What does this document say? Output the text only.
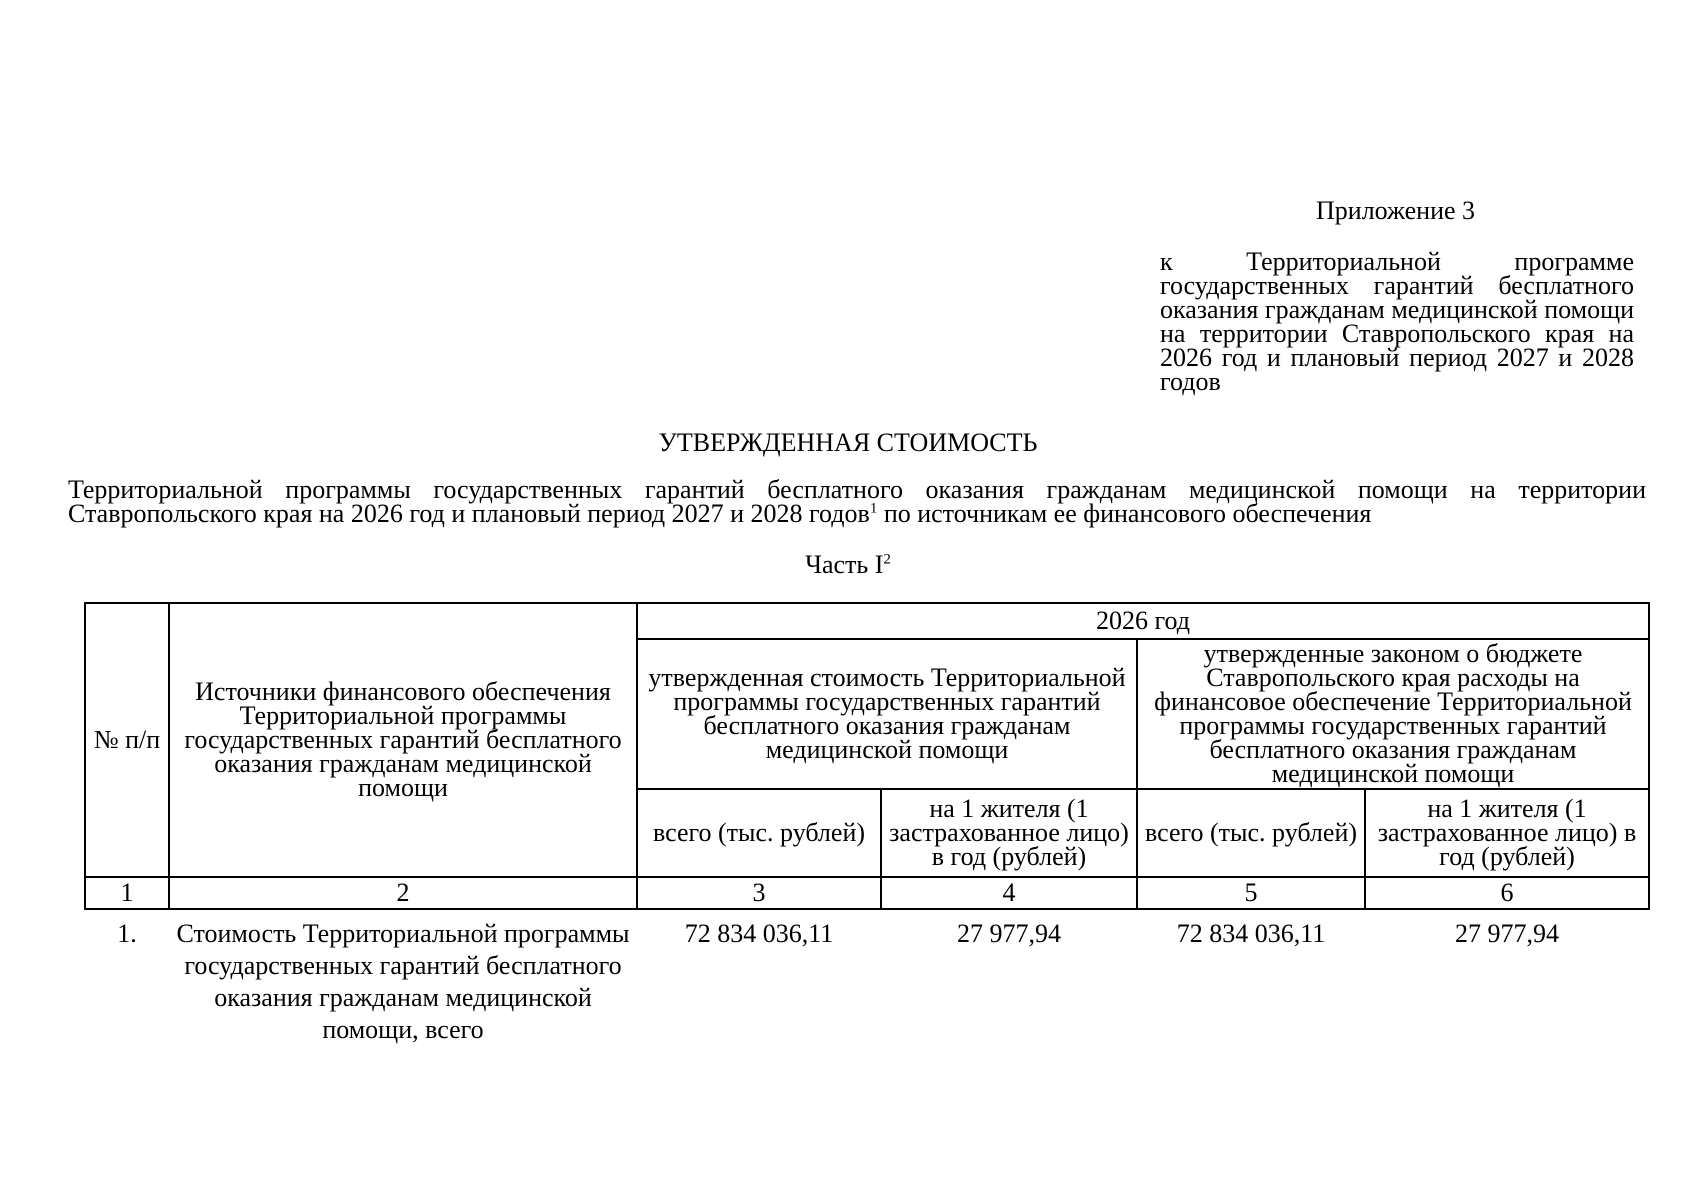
Приложение 3
к Территориальной программе государственных гарантий бесплатного оказания гражданам медицинской помощи на территории Ставропольского края на 2026 год и плановый период 2027 и 2028 годов
УТВЕРЖДЕННАЯ СТОИМОСТЬ
Территориальной программы государственных гарантий бесплатного оказания гражданам медицинской помощи на территории Ставропольского края на 2026 год и плановый период 2027 и 2028 годов$^1$ по источникам ее финансового обеспечения
Часть $I^2$
№ п/п	Источники финансового обеспечения Территориальной программы государственных гарантий бесплатного оказания гражданам медицинской помощи	2026 год			
		утвержденная стоимость Территориальной программы государственных гарантий бесплатного оказания гражданам медицинской помощи		утвержденные законом о бюджете Ставропольского края расходы на финансовое обеспечение Территориальной программы государственных гарантий бесплатного оказания гражданам медицинской помощи	
		всего (тыс. рублей)	на 1 жителя (1 застрахованное лицо) в год (рублей)	всего (тыс. рублей)	на 1 жителя (1 застрахованное лицо) в год (рублей)
1	2	3	4	5	6
1.	Стоимость Территориальной программы государственных гарантий бесплатного оказания гражданам медицинской помощи, всего	72 834 036,11	27 977,94	72 834 036,11	27 977,94
